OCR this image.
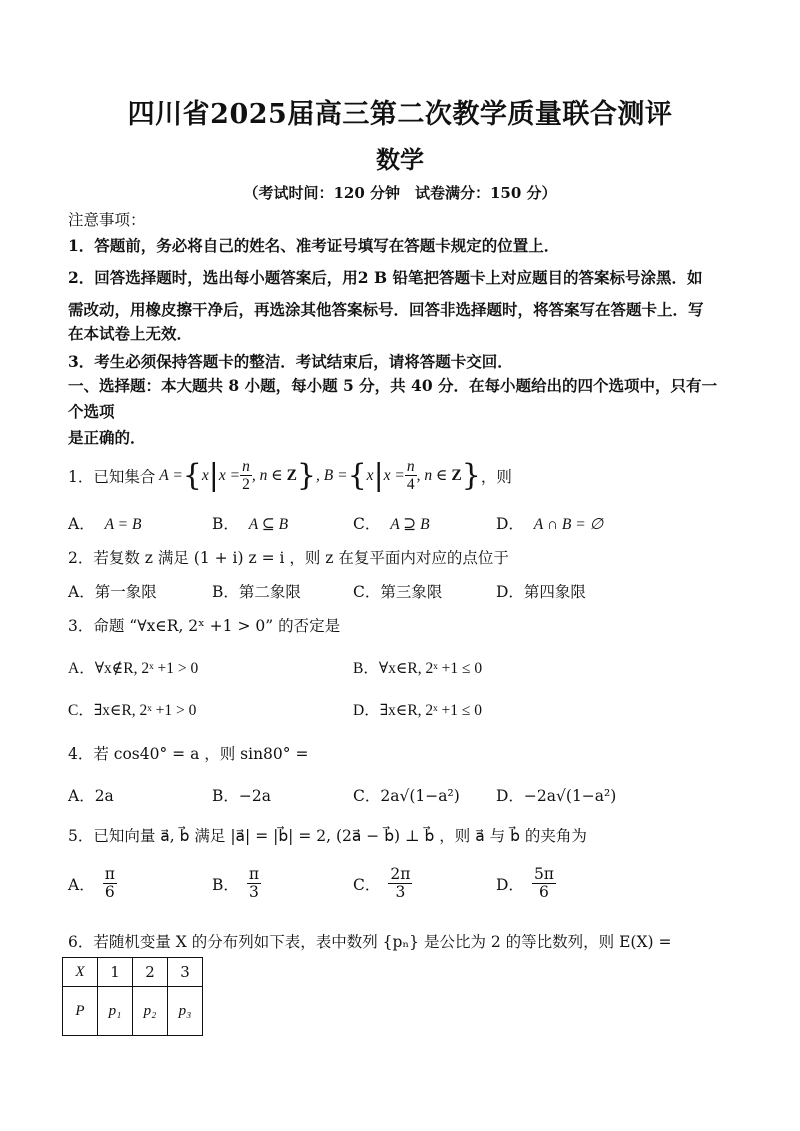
四川省2025届高三第二次教学质量联合测评
数学
（考试时间：120 分钟　试卷满分：150 分）
注意事项：
1．答题前，务必将自己的姓名、准考证号填写在答题卡规定的位置上．
2．回答选择题时，选出每小题答案后，用2 B 铅笔把答题卡上对应题目的答案标号涂黑．如
需改动，用橡皮擦干净后，再选涂其他答案标号．回答非选择题时，将答案写在答题卡上．写
在本试卷上无效．
3．考生必须保持答题卡的整洁．考试结束后，请将答题卡交回．
一、选择题：本大题共 8 小题，每小题 5 分，共 40 分．在每小题给出的四个选项中，只有一
个选项
是正确的．
1．已知集合 A = { x | $x = \frac{n}{2}$ , n ∈ Z } , B = { x | $x = \frac{n}{4}$ , n ∈ Z } ，则
A． A = B	B． A ⊆ B	C． A ⊇ B	D． A ∩ B = ∅
2．若复数 z 满足 (1 + i) z = i ，则 z 在复平面内对应的点位于
A．第一象限	B．第二象限	C．第三象限	D．第四象限
3．命题 “∀x∈R, 2ˣ +1 > 0” 的否定是
A．∀x∉R, 2ˣ +1 > 0	B．∀x∈R, 2ˣ +1 ≤ 0
C．∃x∈R, 2ˣ +1 > 0	D．∃x∈R, 2ˣ +1 ≤ 0
4．若 cos40° = a ，则 sin80° =
A．2a	B．−2a	C．2a√(1−a²) D．−2a√(1−a²)
5．已知向量 a⃗, b⃗ 满足 |a⃗| = |b⃗| = 2, (2a⃗ − b⃗) ⊥ b⃗ ，则 a⃗ 与 b⃗ 的夹角为
A． $\frac{\pi}{6}$	B． $\frac{\pi}{3}$	C． $\frac{2\pi}{3}$	D． $\frac{5\pi}{6}$
6．若随机变量 X 的分布列如下表，表中数列 {pₙ} 是公比为 2 的等比数列，则 E(X) =
X	1	2	3
P	p₁	p₂	p₃
